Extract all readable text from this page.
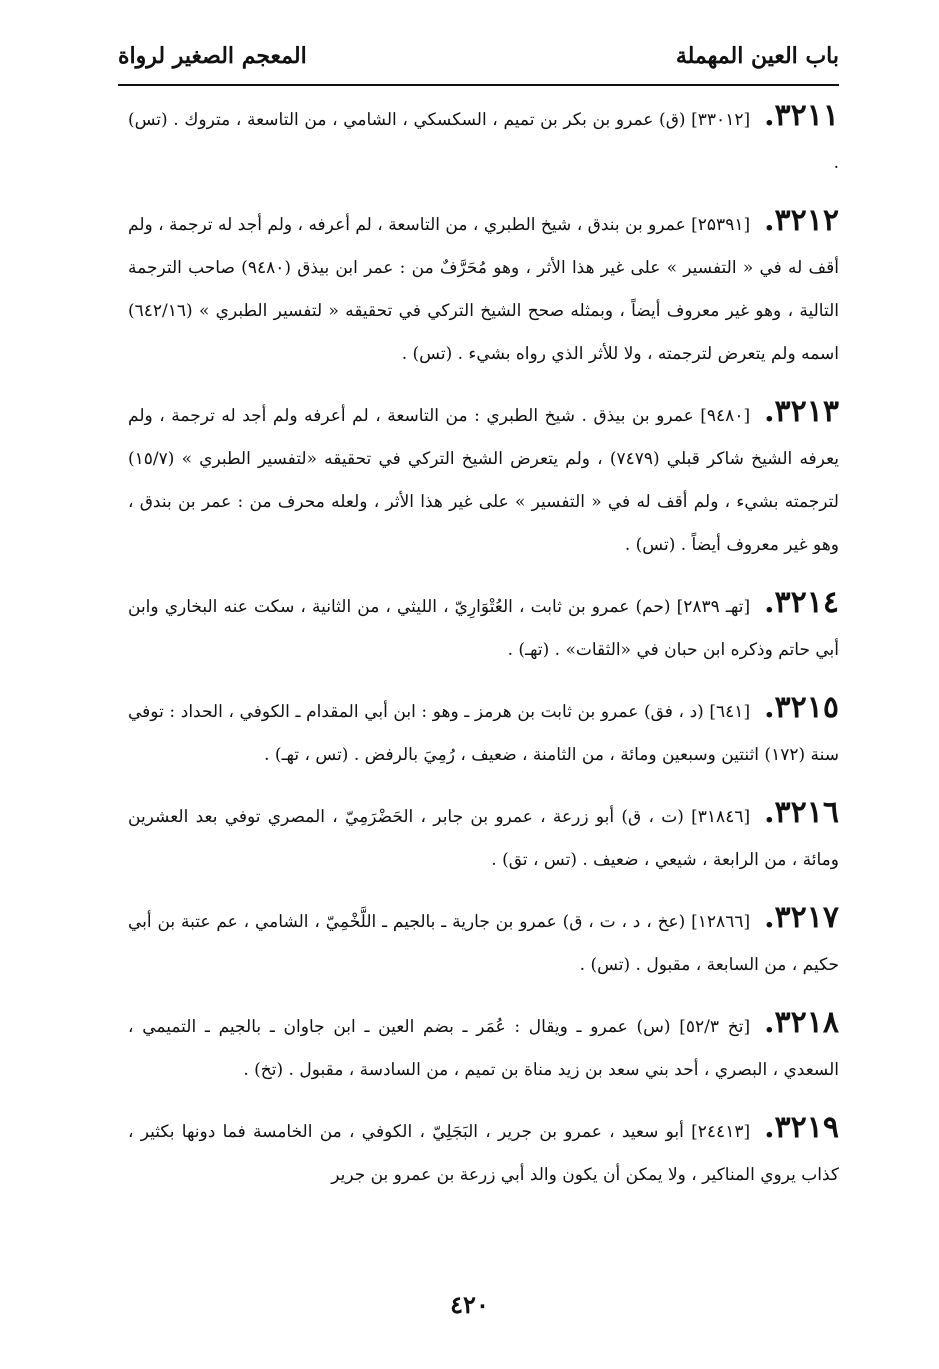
باب العين المهملة
المعجم الصغير لرواة

۳۲۱۱.[۳۳۰۱۲] (ق) عمرو بن بكر بن تميم ، السكسكي ، الشامي ، من التاسعة ، متروك . (تس) .

۳۲۱۲.[۲۵۳۹۱] عمرو بن بندق ، شيخ الطبري ، من التاسعة ، لم أعرفه ، ولم أجد له ترجمة ، ولم أقف له في « التفسير » على غير هذا الأثر ، وهو مُحَرَّفٌ من : عمر ابن بيذق (۹٤۸۰) صاحب الترجمة التالية ، وهو غير معروف أيضاً ، وبمثله صحح الشيخ التركي في تحقيقه « لتفسير الطبري » (٦٤٢/١٦) اسمه ولم يتعرض لترجمته ، ولا للأثر الذي رواه بشيء . (تس) .

۳۲۱۳.[۹٤۸۰] عمرو بن بيذق . شيخ الطبري : من التاسعة ، لم أعرفه ولم أجد له ترجمة ، ولم يعرفه الشيخ شاكر قبلي (۷٤۷۹) ، ولم يتعرض الشيخ التركي في تحقيقه «لتفسير الطبري » (١٥/٧) لترجمته بشيء ، ولم أقف له في « التفسير » على غير هذا الأثر ، ولعله محرف من : عمر بن بندق ، وهو غير معروف أيضاً . (تس) .

۳۲۱٤.[تهـ ۲۸۳۹] (حم) عمرو بن ثابت ، العُتْوَارِيّ ، الليثي ، من الثانية ، سكت عنه البخاري وابن أبي حاتم وذكره ابن حبان في «الثقات» . (تهـ) .

۳۲۱٥.[٦٤١] (د ، فق) عمرو بن ثابت بن هرمز ـ وهو : ابن أبي المقدام ـ الكوفي ، الحداد : توفي سنة (۱۷۲) اثنتين وسبعين ومائة ، من الثامنة ، ضعيف ، رُمِيَ بالرفض . (تس ، تهـ) .

۳۲۱٦.[۳۱۸٤٦] (ت ، ق) أبو زرعة ، عمرو بن جابر ، الحَضْرَمِيّ ، المصري توفي بعد العشرين ومائة ، من الرابعة ، شيعي ، ضعيف . (تس ، تق) .

۳۲۱۷.[۱۲۸٦٦] (عخ ، د ، ت ، ق) عمرو بن جارية ـ بالجيم ـ اللَّخْمِيّ ، الشامي ، عم عتبة بن أبي حكيم ، من السابعة ، مقبول . (تس) .

۳۲۱۸.[تخ ٥٢/٣] (س) عمرو ـ ويقال : عُمَر ـ بضم العين ـ ابن جاوان ـ بالجيم ـ التميمي ، السعدي ، البصري ، أحد بني سعد بن زيد مناة بن تميم ، من السادسة ، مقبول . (تخ) .

۳۲۱۹.[۲٤٤۱۳] أبو سعيد ، عمرو بن جرير ، البَجَلِيّ ، الكوفي ، من الخامسة فما دونها بكثير ، كذاب يروي المناكير ، ولا يمكن أن يكون والد أبي زرعة بن عمرو بن جرير

٤٢٠
